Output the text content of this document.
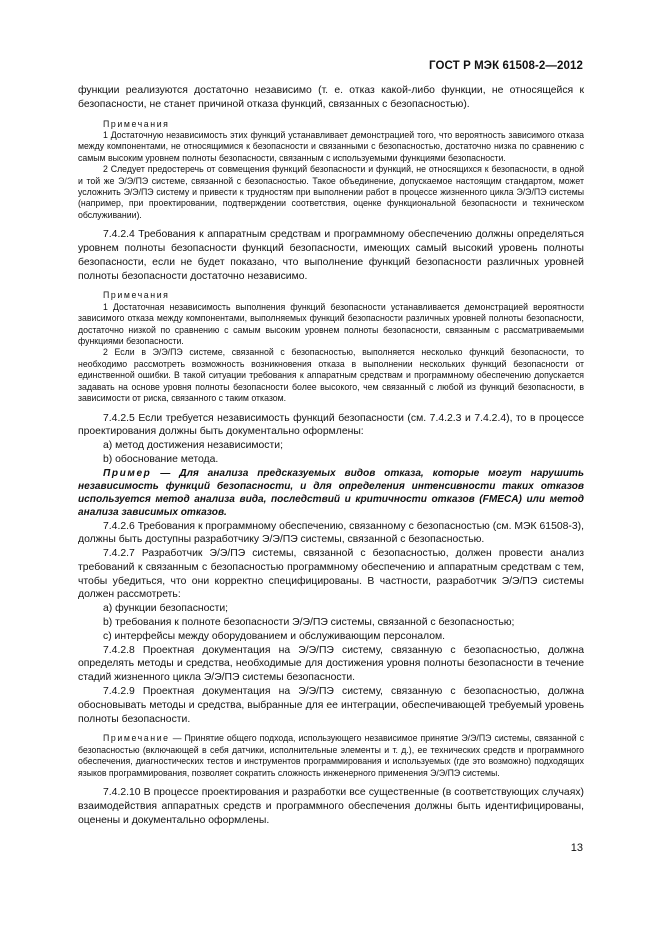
ГОСТ Р МЭК 61508-2—2012

функции реализуются достаточно независимо (т. е. отказ какой-либо функции, не относящейся к безопасности, не станет причиной отказа функций, связанных с безопасностью).

Примечания

1 Достаточную независимость этих функций устанавливает демонстрацией того, что вероятность зависимого отказа между компонентами, не относящимися к безопасности и связанными с безопасностью, достаточно низка по сравнению с самым высоким уровнем полноты безопасности, связанным с используемыми функциями безопасности.

2 Следует предостеречь от совмещения функций безопасности и функций, не относящихся к безопасности, в одной и той же Э/Э/ПЭ системе, связанной с безопасностью. Такое объединение, допускаемое настоящим стандартом, может усложнить Э/Э/ПЭ систему и привести к трудностям при выполнении работ в процессе жизненного цикла Э/Э/ПЭ системы (например, при проектировании, подтверждении соответствия, оценке функциональной безопасности и техническом обслуживании).

7.4.2.4 Требования к аппаратным средствам и программному обеспечению должны определяться уровнем полноты безопасности функций безопасности, имеющих самый высокий уровень полноты безопасности, если не будет показано, что выполнение функций безопасности различных уровней полноты безопасности достаточно независимо.

Примечания

1 Достаточная независимость выполнения функций безопасности устанавливается демонстрацией вероятности зависимого отказа между компонентами, выполняемых функций безопасности различных уровней полноты безопасности, достаточно низкой по сравнению с самым высоким уровнем полноты безопасности, связанным с рассматриваемыми функциями безопасности.

2 Если в Э/Э/ПЭ системе, связанной с безопасностью, выполняется несколько функций безопасности, то необходимо рассмотреть возможность возникновения отказа в выполнении нескольких функций безопасности от единственной ошибки. В такой ситуации требования к аппаратным средствам и программному обеспечению допускается задавать на основе уровня полноты безопасности более высокого, чем связанный с любой из функций безопасности, в зависимости от риска, связанного с таким отказом.

7.4.2.5 Если требуется независимость функций безопасности (см. 7.4.2.3 и 7.4.2.4), то в процессе проектирования должны быть документально оформлены:

а) метод достижения независимости;

b) обоснование метода.

Пример — Для анализа предсказуемых видов отказа, которые могут нарушить независимость функций безопасности, и для определения интенсивности таких отказов используется метод анализа вида, последствий и критичности отказов (FMECA) или метод анализа зависимых отказов.

7.4.2.6 Требования к программному обеспечению, связанному с безопасностью (см. МЭК 61508-3), должны быть доступны разработчику Э/Э/ПЭ системы, связанной с безопасностью.

7.4.2.7 Разработчик Э/Э/ПЭ системы, связанной с безопасностью, должен провести анализ требований к связанным с безопасностью программному обеспечению и аппаратным средствам с тем, чтобы убедиться, что они корректно специфицированы. В частности, разработчик Э/Э/ПЭ системы должен рассмотреть:

а) функции безопасности;

b) требования к полноте безопасности Э/Э/ПЭ системы, связанной с безопасностью;

с) интерфейсы между оборудованием и обслуживающим персоналом.

7.4.2.8 Проектная документация на Э/Э/ПЭ систему, связанную с безопасностью, должна определять методы и средства, необходимые для достижения уровня полноты безопасности в течение стадий жизненного цикла Э/Э/ПЭ системы безопасности.

7.4.2.9 Проектная документация на Э/Э/ПЭ систему, связанную с безопасностью, должна обосновывать методы и средства, выбранные для ее интеграции, обеспечивающей требуемый уровень полноты безопасности.

Примечание — Принятие общего подхода, использующего независимое принятие Э/Э/ПЭ системы, связанной с безопасностью (включающей в себя датчики, исполнительные элементы и т. д.), ее технических средств и программного обеспечения, диагностических тестов и инструментов программирования и используемых (где это возможно) подходящих языков программирования, позволяет сократить сложность инженерного применения Э/Э/ПЭ системы.

7.4.2.10 В процессе проектирования и разработки все существенные (в соответствующих случаях) взаимодействия аппаратных средств и программного обеспечения должны быть идентифицированы, оценены и документально оформлены.

13
